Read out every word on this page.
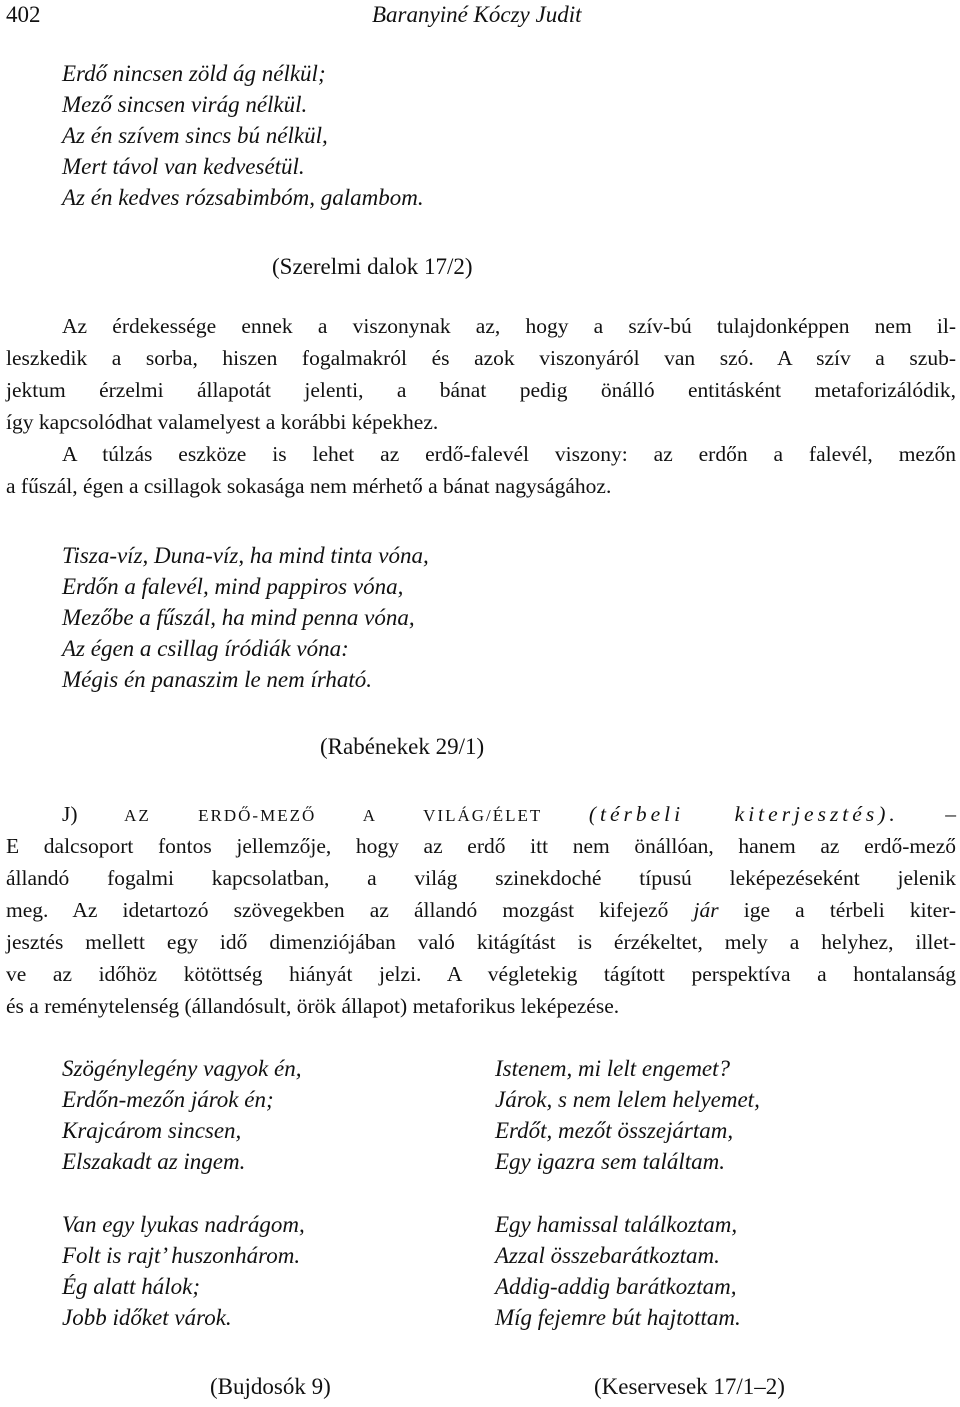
402	Baranyiné Kóczy Judit
Erdő nincsen zöld ág nélkül;
Mező sincsen virág nélkül.
Az én szívem sincs bú nélkül,
Mert távol van kedvesétül.
Az én kedves rózsabimbóm, galambom.
(Szerelmi dalok 17/2)
Az érdekessége ennek a viszonynak az, hogy a szív-bú tulajdonképpen nem il-
leszkedik a sorba, hiszen fogalmakról és azok viszonyáról van szó. A szív a szub-
jektum érzelmi állapotát jelenti, a bánat pedig önálló entitásként metaforizálódik,
így kapcsolódhat valamelyest a korábbi képekhez.
A túlzás eszköze is lehet az erdő-falevél viszony: az erdőn a falevél, mezőn
a fűszál, égen a csillagok sokasága nem mérhető a bánat nagyságához.
Tisza-víz, Duna-víz, ha mind tinta vóna,
Erdőn a falevél, mind pappiros vóna,
Mezőbe a fűszál, ha mind penna vóna,
Az égen a csillag íródiák vóna:
Mégis én panaszim le nem írható.
(Rabénekek 29/1)
J)	AZ ERDŐ-MEZŐ A VILÁG/ÉLET (térbeli kiterjesztés). –
E dalcsoport fontos jellemzője, hogy az erdő itt nem önállóan, hanem az erdő-mező
állandó fogalmi kapcsolatban, a világ szinekdoché típusú leképezéseként jelenik
meg. Az idetartozó szövegekben az állandó mozgást kifejező jár ige a térbeli kiter-
jesztés mellett egy idő dimenziójában való kitágítást is érzékeltet, mely a helyhez, illet-
ve az időhöz kötöttség hiányát jelzi. A végletekig tágított perspektíva a hontalanság
és a reménytelenség (állandósult, örök állapot) metaforikus leképezése.
Szögénylegény vagyok én,
Erdőn-mezőn járok én;
Krajcárom sincsen,
Elszakadt az ingem.
Van egy lyukas nadrágom,
Folt is rajt’ huszonhárom.
Ég alatt hálok;
Jobb időket várok.
Istenem, mi lelt engemet?
Járok, s nem lelem helyemet,
Erdőt, mezőt összejártam,
Egy igazra sem találtam.
Egy hamissal találkoztam,
Azzal összebarátkoztam.
Addig-addig barátkoztam,
Míg fejemre bút hajtottam.
(Bujdosók 9)	(Keservesek 17/1–2)
